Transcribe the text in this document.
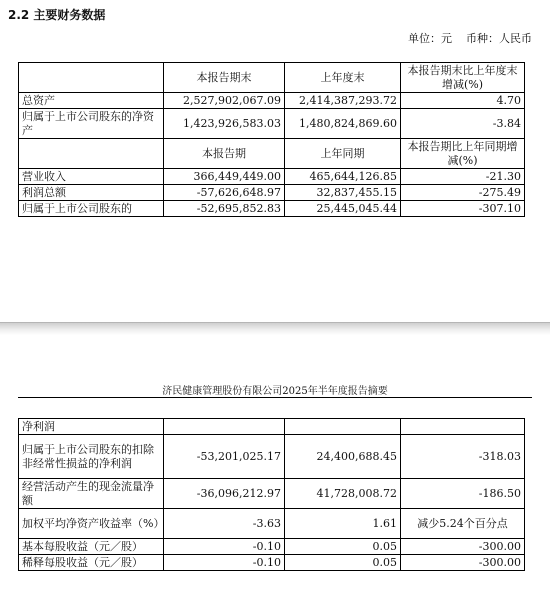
2.2 主要财务数据
单位：元 币种：人民币
	本报告期末	上年度末	本报告期末比上年度末增减(%)
总资产	2,527,902,067.09	2,414,387,293.72	4.70
归属于上市公司股东的净资产	1,423,926,583.03	1,480,824,869.60	-3.84
	本报告期	上年同期	本报告期比上年同期增减(%)
营业收入	366,449,449.00	465,644,126.85	-21.30
利润总额	-57,626,648.97	32,837,455.15	-275.49
归属于上市公司股东的	-52,695,852.83	25,445,045.44	-307.10
济民健康管理股份有限公司2025年半年度报告摘要
净利润			
归属于上市公司股东的扣除非经常性损益的净利润	-53,201,025.17	24,400,688.45	-318.03
经营活动产生的现金流量净额	-36,096,212.97	41,728,008.72	-186.50
加权平均净资产收益率（%）	-3.63	1.61	减少5.24个百分点
基本每股收益（元／股）	-0.10	0.05	-300.00
稀释每股收益（元／股）	-0.10	0.05	-300.00
